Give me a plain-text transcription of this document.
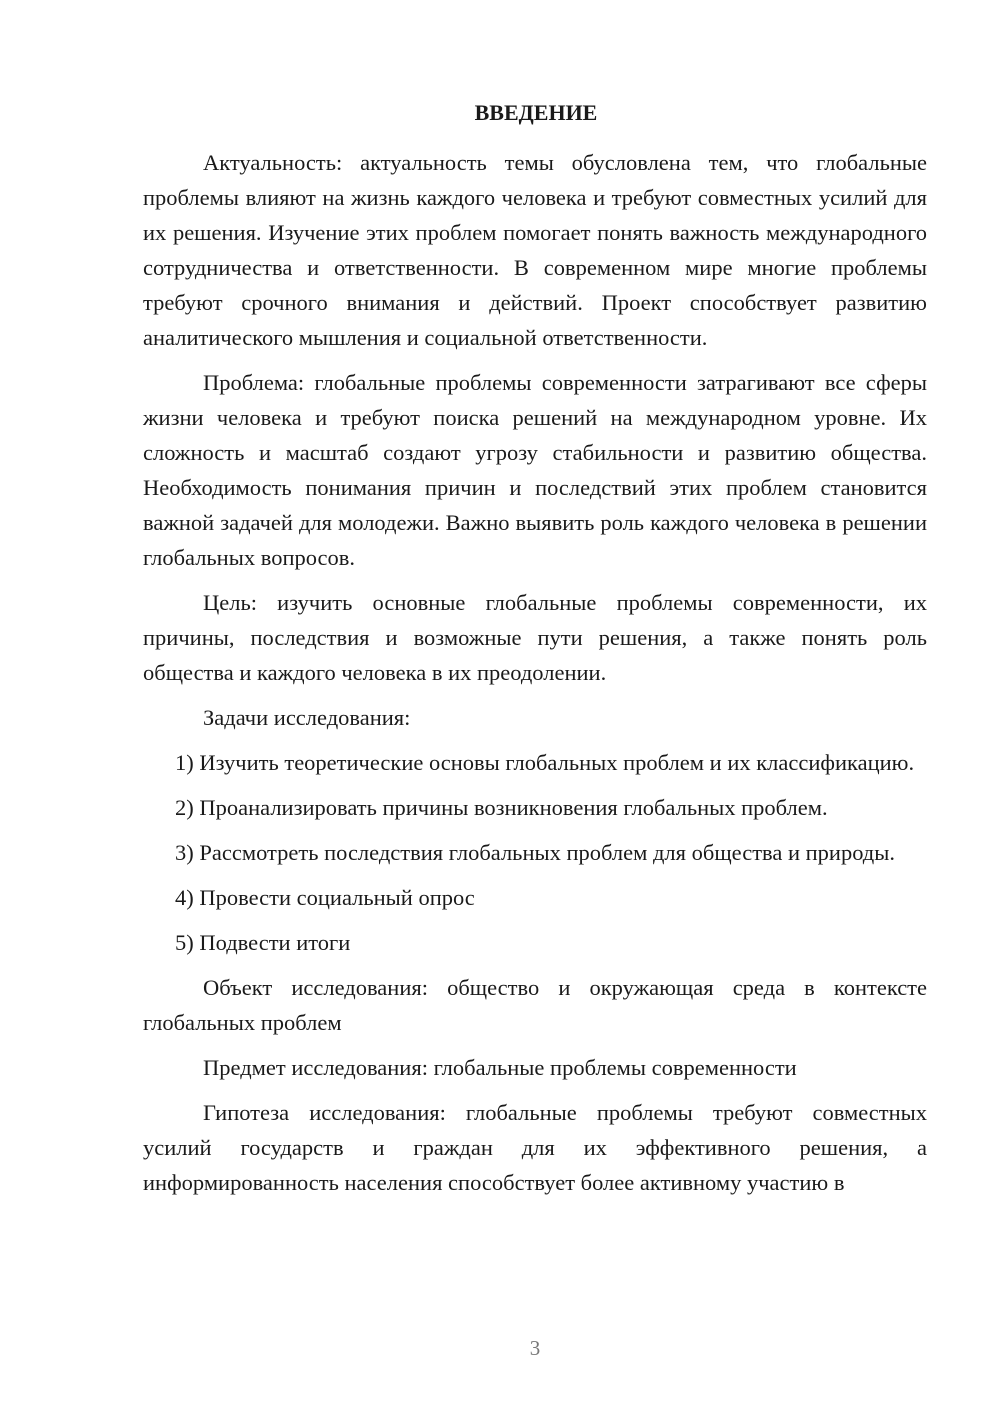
ВВЕДЕНИЕ

Актуальность: актуальность темы обусловлена тем, что глобальные проблемы влияют на жизнь каждого человека и требуют совместных усилий для их решения. Изучение этих проблем помогает понять важность международного сотрудничества и ответственности. В современном мире многие проблемы требуют срочного внимания и действий. Проект способствует развитию аналитического мышления и социальной ответственности.

Проблема: глобальные проблемы современности затрагивают все сферы жизни человека и требуют поиска решений на международном уровне. Их сложность и масштаб создают угрозу стабильности и развитию общества. Необходимость понимания причин и последствий этих проблем становится важной задачей для молодежи. Важно выявить роль каждого человека в решении глобальных вопросов.

Цель: изучить основные глобальные проблемы современности, их причины, последствия и возможные пути решения, а также понять роль общества и каждого человека в их преодолении.

Задачи исследования:

1) Изучить теоретические основы глобальных проблем и их классификацию.

2) Проанализировать причины возникновения глобальных проблем.

3) Рассмотреть последствия глобальных проблем для общества и природы.

4) Провести социальный опрос

5) Подвести итоги

Объект исследования: общество и окружающая среда в контексте глобальных проблем

Предмет исследования: глобальные проблемы современности

Гипотеза исследования: глобальные проблемы требуют совместных усилий государств и граждан для их эффективного решения, а информированность населения способствует более активному участию в

3
